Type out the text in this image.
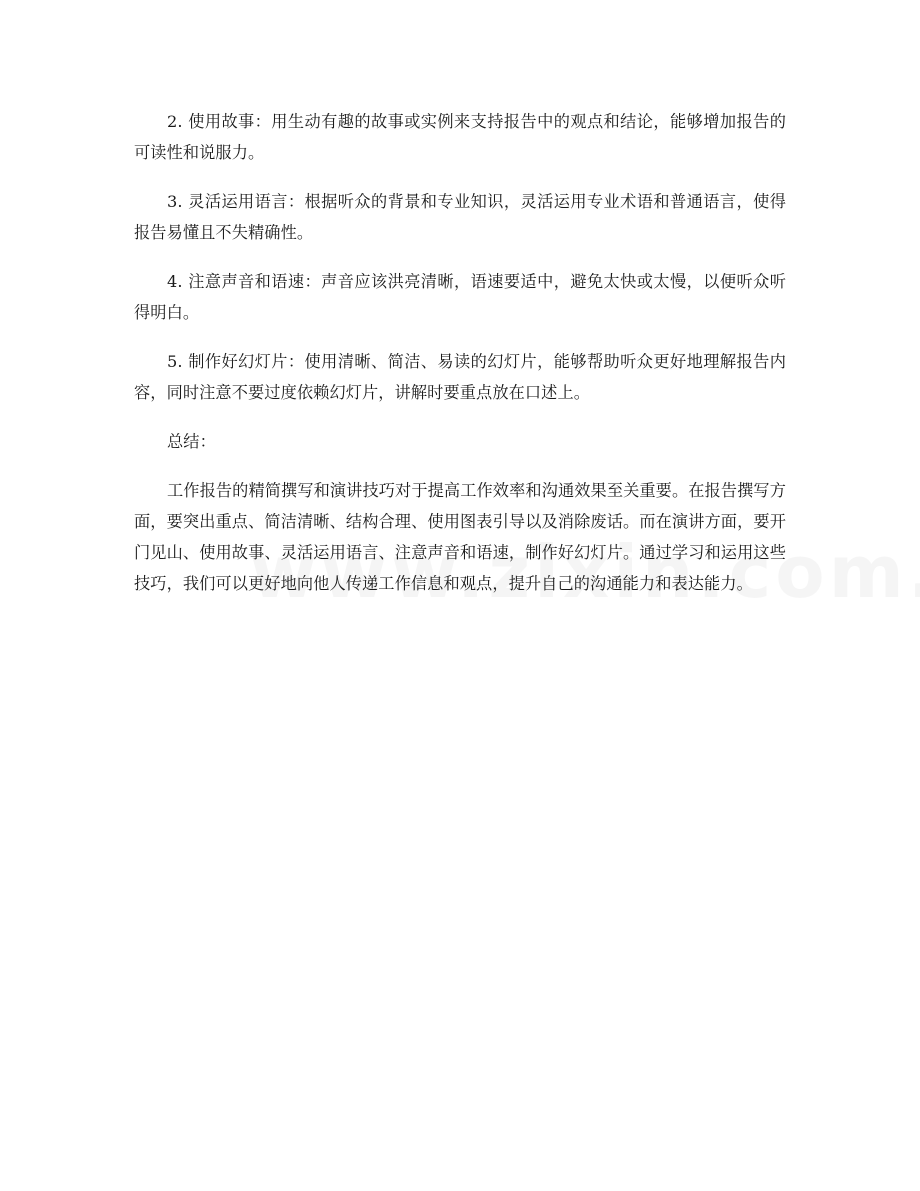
2. 使用故事：用生动有趣的故事或实例来支持报告中的观点和结论，能够增加报告的可读性和说服力。

3. 灵活运用语言：根据听众的背景和专业知识，灵活运用专业术语和普通语言，使得报告易懂且不失精确性。

4. 注意声音和语速：声音应该洪亮清晰，语速要适中，避免太快或太慢，以便听众听得明白。

5. 制作好幻灯片：使用清晰、简洁、易读的幻灯片，能够帮助听众更好地理解报告内容，同时注意不要过度依赖幻灯片，讲解时要重点放在口述上。

总结：

工作报告的精简撰写和演讲技巧对于提高工作效率和沟通效果至关重要。在报告撰写方面，要突出重点、简洁清晰、结构合理、使用图表引导以及消除废话。而在演讲方面，要开门见山、使用故事、灵活运用语言、注意声音和语速，制作好幻灯片。通过学习和运用这些技巧，我们可以更好地向他人传递工作信息和观点，提升自己的沟通能力和表达能力。
